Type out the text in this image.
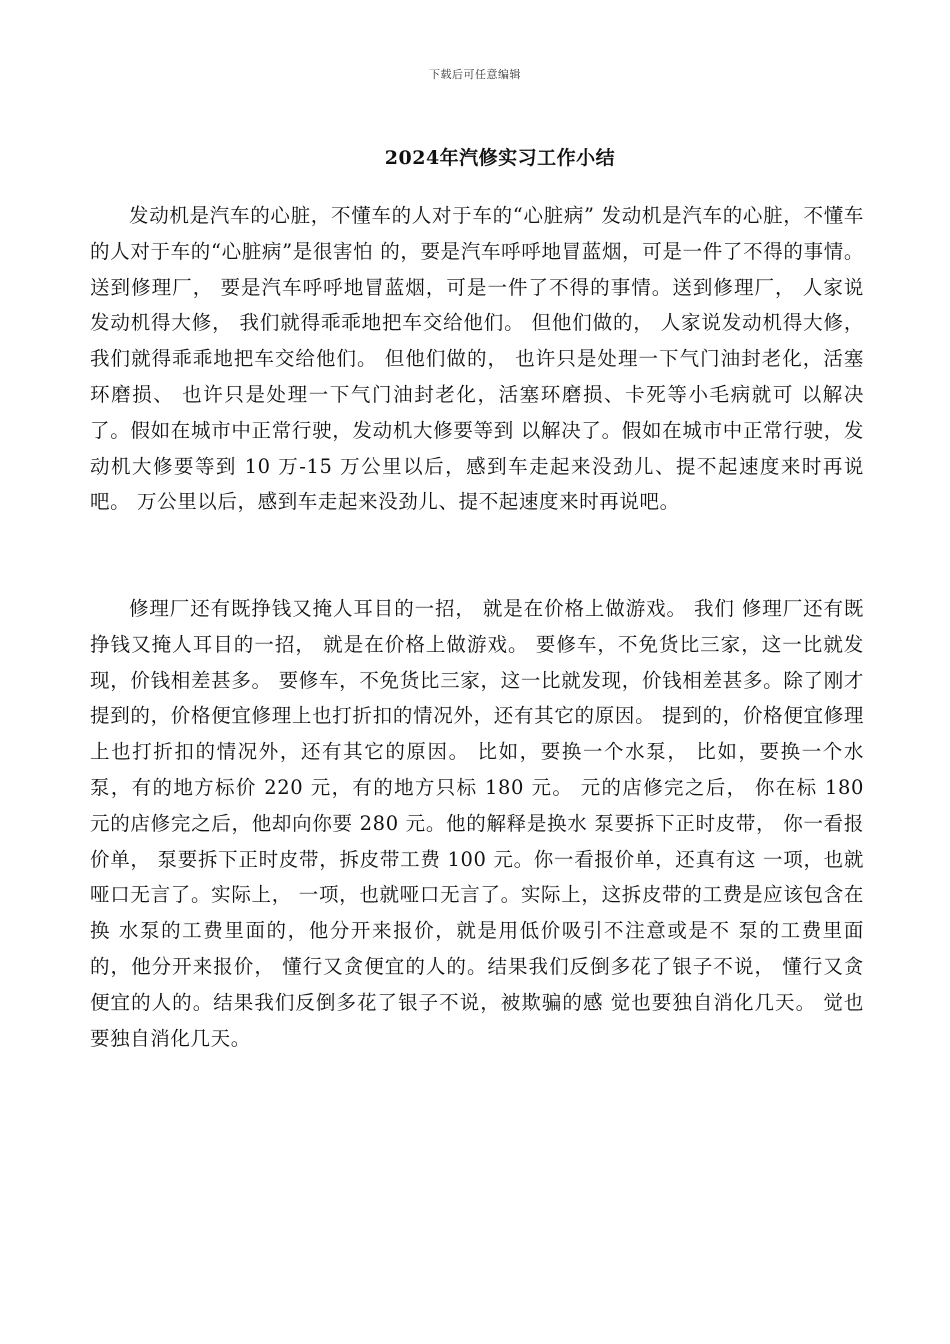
下载后可任意编辑
2024年汽修实习工作小结

发动机是汽车的心脏，不懂车的人对于车的“心脏病” 发动机是汽车的心脏，不懂车的人对于车的“心脏病”是很害怕 的，要是汽车呼呼地冒蓝烟，可是一件了不得的事情。送到修理厂， 要是汽车呼呼地冒蓝烟，可是一件了不得的事情。送到修理厂， 人家说发动机得大修， 我们就得乖乖地把车交给他们。 但他们做的， 人家说发动机得大修， 我们就得乖乖地把车交给他们。 但他们做的， 也许只是处理一下气门油封老化，活塞环磨损、 也许只是处理一下气门油封老化，活塞环磨损、卡死等小毛病就可 以解决了。假如在城市中正常行驶，发动机大修要等到 以解决了。假如在城市中正常行驶，发动机大修要等到 10 万-15 万公里以后，感到车走起来没劲儿、提不起速度来时再说吧。 万公里以后，感到车走起来没劲儿、提不起速度来时再说吧。

修理厂还有既挣钱又掩人耳目的一招， 就是在价格上做游戏。 我们 修理厂还有既挣钱又掩人耳目的一招， 就是在价格上做游戏。 要修车，不免货比三家，这一比就发现，价钱相差甚多。 要修车，不免货比三家，这一比就发现，价钱相差甚多。除了刚才 提到的，价格便宜修理上也打折扣的情况外，还有其它的原因。 提到的，价格便宜修理上也打折扣的情况外，还有其它的原因。 比如，要换一个水泵， 比如，要换一个水泵，有的地方标价 220 元，有的地方只标 180 元。 元的店修完之后， 你在标 180 元的店修完之后，他却向你要 280 元。他的解释是换水 泵要拆下正时皮带， 你一看报价单， 泵要拆下正时皮带，拆皮带工费 100 元。你一看报价单，还真有这 一项，也就哑口无言了。实际上， 一项，也就哑口无言了。实际上，这拆皮带的工费是应该包含在换 水泵的工费里面的，他分开来报价，就是用低价吸引不注意或是不 泵的工费里面的，他分开来报价， 懂行又贪便宜的人的。结果我们反倒多花了银子不说， 懂行又贪便宜的人的。结果我们反倒多花了银子不说，被欺骗的感 觉也要独自消化几天。 觉也要独自消化几天。
